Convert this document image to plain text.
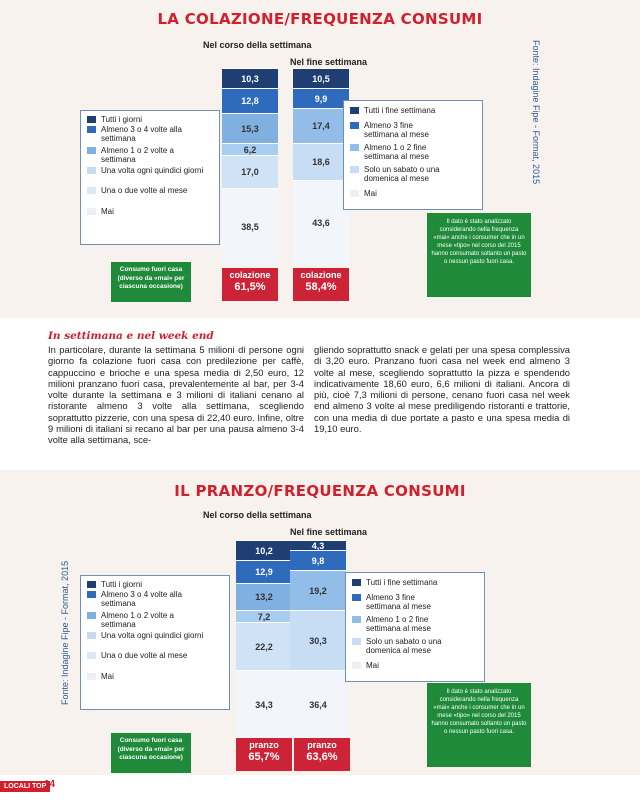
LA COLAZIONE/FREQUENZA CONSUMI
Nel corso della settimana
Nel fine settimana
10,3
12,8
15,3
6,2
17,0
38,5
10,5
9,9
17,4
18,6
43,6
colazione
61,5%
colazione
58,4%
Tutti i giorni
Almeno 3 o 4 volte alla settimana
Almeno 1 o 2 volte a settimana
Una volta ogni quindici giorni
Una o due volte al mese
Mai
Tutti i fine settimana
Almeno 3 fine settimana al mese
Almeno 1 o 2 fine settimana al mese
Solo un sabato o una domenica al mese
Mai
Consumo fuori casa (diverso da «mai» per ciascuna occasione)
Il dato è stato analizzato considerando nella frequenza «mai» anche i consumer che in un mese «tipo» nel corso del 2015 hanno consumato soltanto un pasto o nessun pasto fuori casa.
Fonte: Indagine Fipe - Format, 2015
In settimana e nel week end
In particolare, durante la settimana 5 milioni di persone ogni giorno fa colazione fuori casa con predilezione per caffè, cappuccino e brioche e una spesa media di 2,50 euro, 12 milioni pranzano fuori casa, prevalentemente al bar, per 3-4 volte durante la settimana e 3 milioni di italiani cenano al ristorante almeno 3 volte alla settimana, scegliendo soprattutto pizzerie, con una spesa di 22,40 euro. Infine, oltre 9 milioni di italiani si recano al bar per una pausa almeno 3-4 volte alla settimana, sce-
gliendo soprattutto snack e gelati per una spesa complessiva di 3,20 euro. Pranzano fuori casa nel week end almeno 3 volte al mese, scegliendo soprattutto la pizza e spendendo indicativamente 18,60 euro, 6,6 milioni di italiani. Ancora di più, cioè 7,3 milioni di persone, cenano fuori casa nel week end almeno 3 volte al mese prediligendo ristoranti e trattorie, con una media di due portate a pasto e una spesa media di 19,10 euro.
IL PRANZO/FREQUENZA CONSUMI
Nel corso della settimana
Nel fine settimana
10,2
12,9
13,2
7,2
22,2
34,3
4,3
9,8
19,2
30,3
36,4
pranzo
65,7%
pranzo
63,6%
Tutti i giorni
Almeno 3 o 4 volte alla settimana
Almeno 1 o 2 volte a settimana
Una volta ogni quindici giorni
Una o due volte al mese
Mai
Tutti i fine settimana
Almeno 3 fine settimana al mese
Almeno 1 o 2 fine settimana al mese
Solo un sabato o una domenica al mese
Mai
Consumo fuori casa (diverso da «mai» per ciascuna occasione)
Il dato è stato analizzato considerando nella frequenza «mai» anche i consumer che in un mese «tipo» nel corso del 2015 hanno consumato soltanto un pasto o nessun pasto fuori casa.
Fonte: Indagine Fipe - Format, 2015
LOCALI TOP
14
